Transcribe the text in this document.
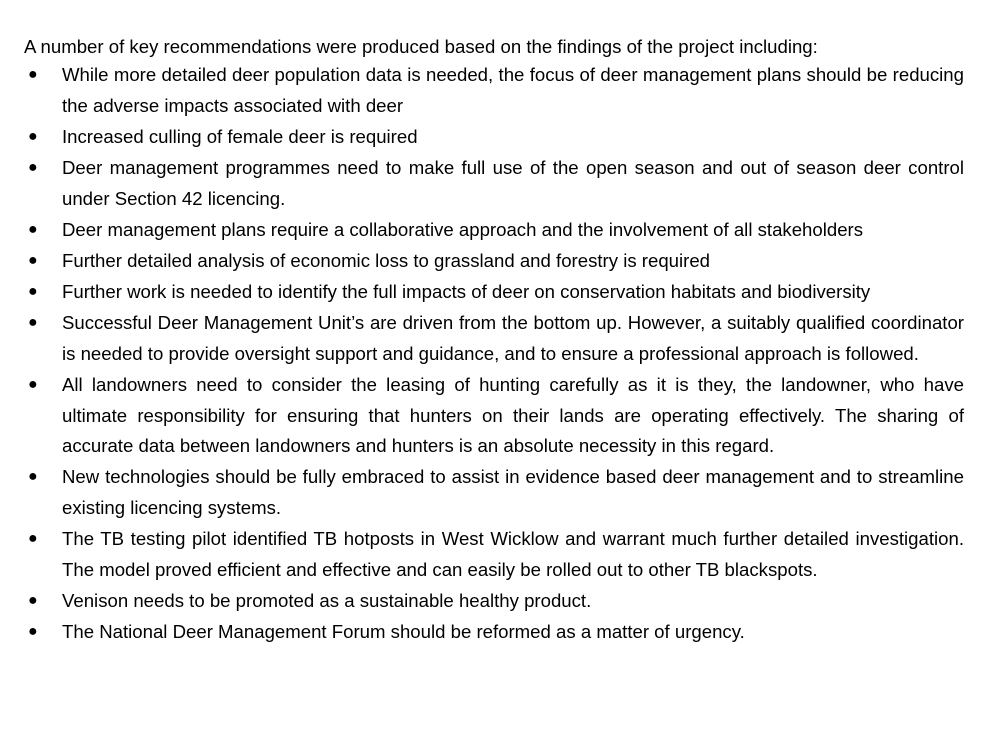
A number of key recommendations were produced based on the findings of the project including:

● While more detailed deer population data is needed, the focus of deer management plans should be reducing the adverse impacts associated with deer
● Increased culling of female deer is required
● Deer management programmes need to make full use of the open season and out of season deer control under Section 42 licencing.
● Deer management plans require a collaborative approach and the involvement of all stakeholders
● Further detailed analysis of economic loss to grassland and forestry is required
● Further work is needed to identify the full impacts of deer on conservation habitats and biodiversity
● Successful Deer Management Unit’s are driven from the bottom up. However, a suitably qualified coordinator is needed to provide oversight support and guidance, and to ensure a professional approach is followed.
● All landowners need to consider the leasing of hunting carefully as it is they, the landowner, who have ultimate responsibility for ensuring that hunters on their lands are operating effectively. The sharing of accurate data between landowners and hunters is an absolute necessity in this regard.
● New technologies should be fully embraced to assist in evidence based deer management and to streamline existing licencing systems.
● The TB testing pilot identified TB hotposts in West Wicklow and warrant much further detailed investigation. The model proved efficient and effective and can easily be rolled out to other TB blackspots.
● Venison needs to be promoted as a sustainable healthy product.
● The National Deer Management Forum should be reformed as a matter of urgency.
